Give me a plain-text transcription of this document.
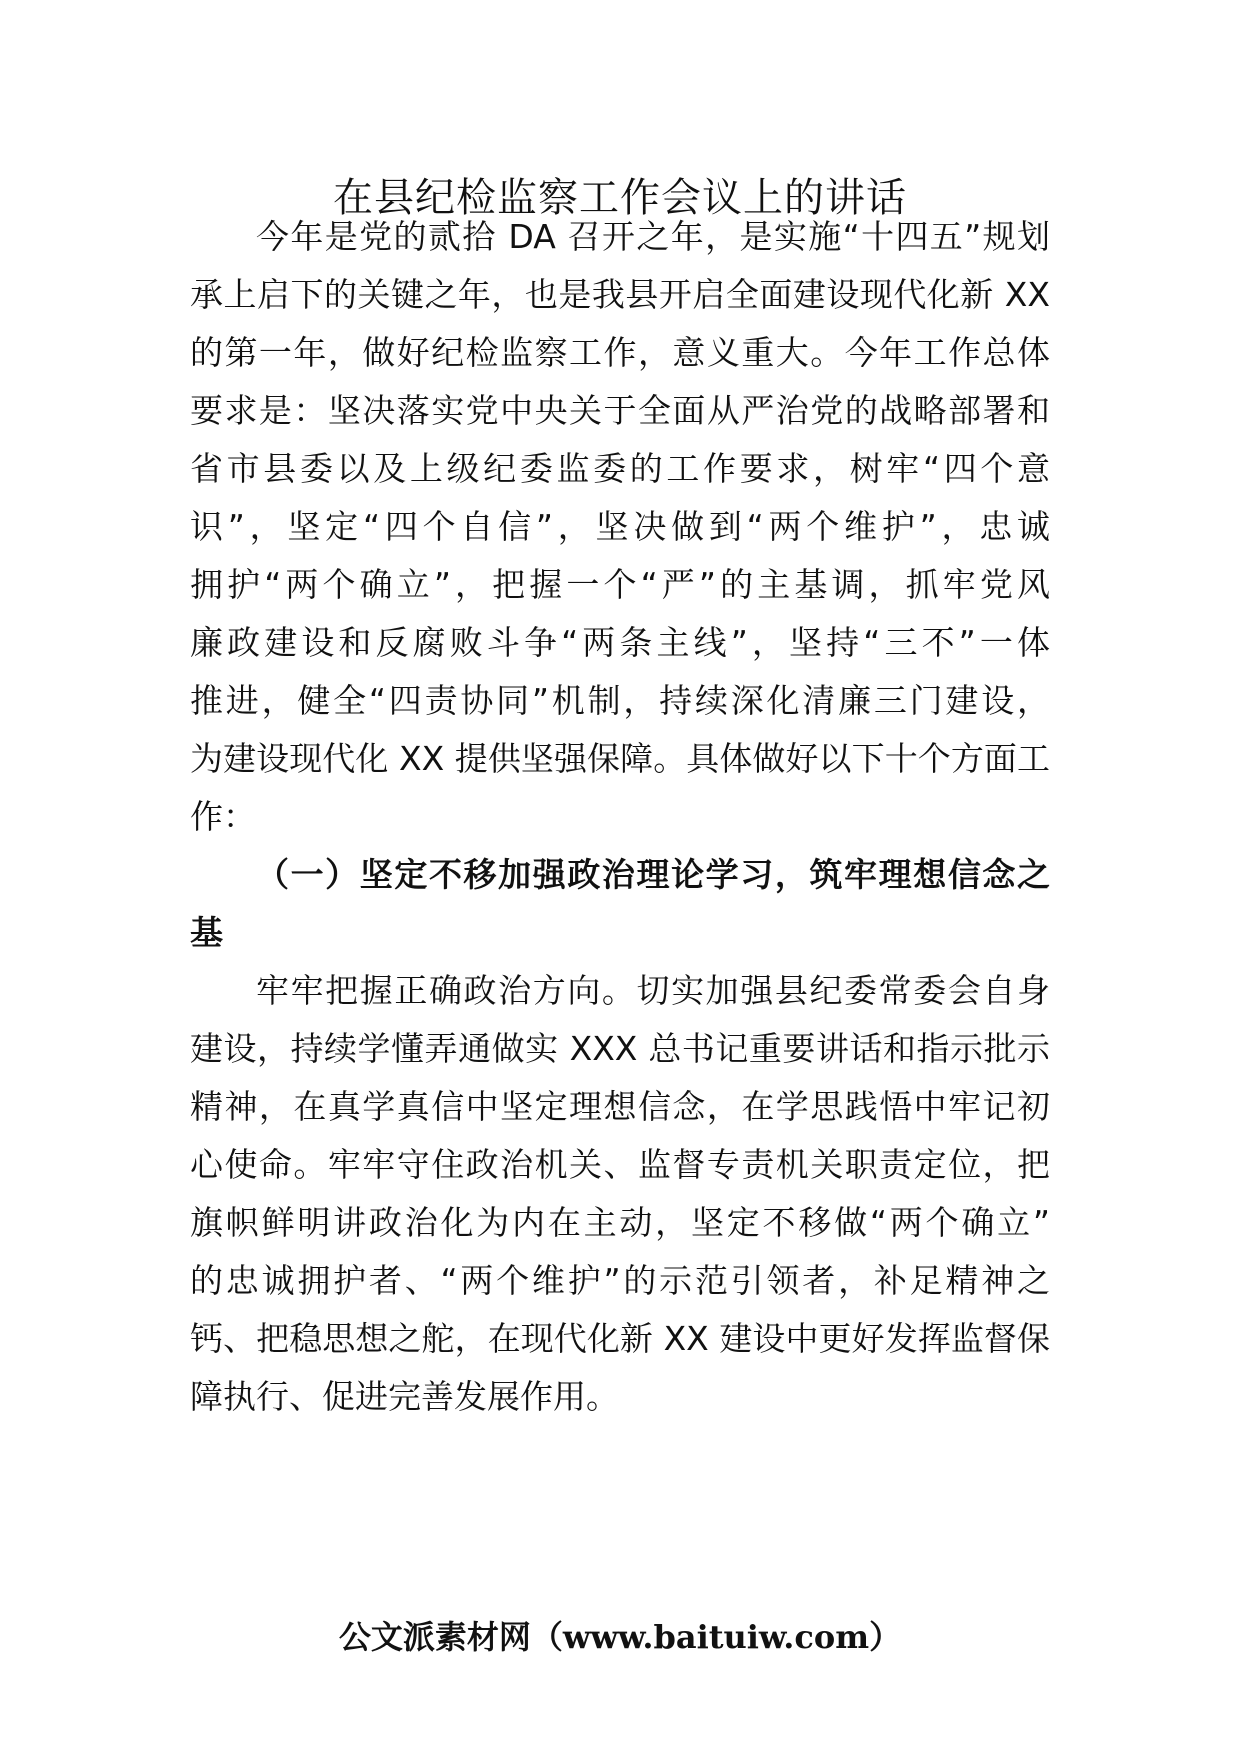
在县纪检监察工作会议上的讲话
今年是党的贰拾 DA 召开之年，是实施“十四五”规划
承上启下的关键之年，也是我县开启全面建设现代化新 XX
的第一年，做好纪检监察工作，意义重大。今年工作总体
要求是：坚决落实党中央关于全面从严治党的战略部署和
省市县委以及上级纪委监委的工作要求，树牢“四个意
识”，坚定“四个自信”，坚决做到“两个维护”，忠诚
拥护“两个确立”，把握一个“严”的主基调，抓牢党风
廉政建设和反腐败斗争“两条主线”，坚持“三不”一体
推进，健全“四责协同”机制，持续深化清廉三门建设，
为建设现代化 XX 提供坚强保障。具体做好以下十个方面工
作：
（一）坚定不移加强政治理论学习，筑牢理想信念之
基
牢牢把握正确政治方向。切实加强县纪委常委会自身
建设，持续学懂弄通做实 XXX 总书记重要讲话和指示批示
精神，在真学真信中坚定理想信念，在学思践悟中牢记初
心使命。牢牢守住政治机关、监督专责机关职责定位，把
旗帜鲜明讲政治化为内在主动，坚定不移做“两个确立”
的忠诚拥护者、“两个维护”的示范引领者，补足精神之
钙、把稳思想之舵，在现代化新 XX 建设中更好发挥监督保
障执行、促进完善发展作用。
公文派素材网（www.baituiw.com）
